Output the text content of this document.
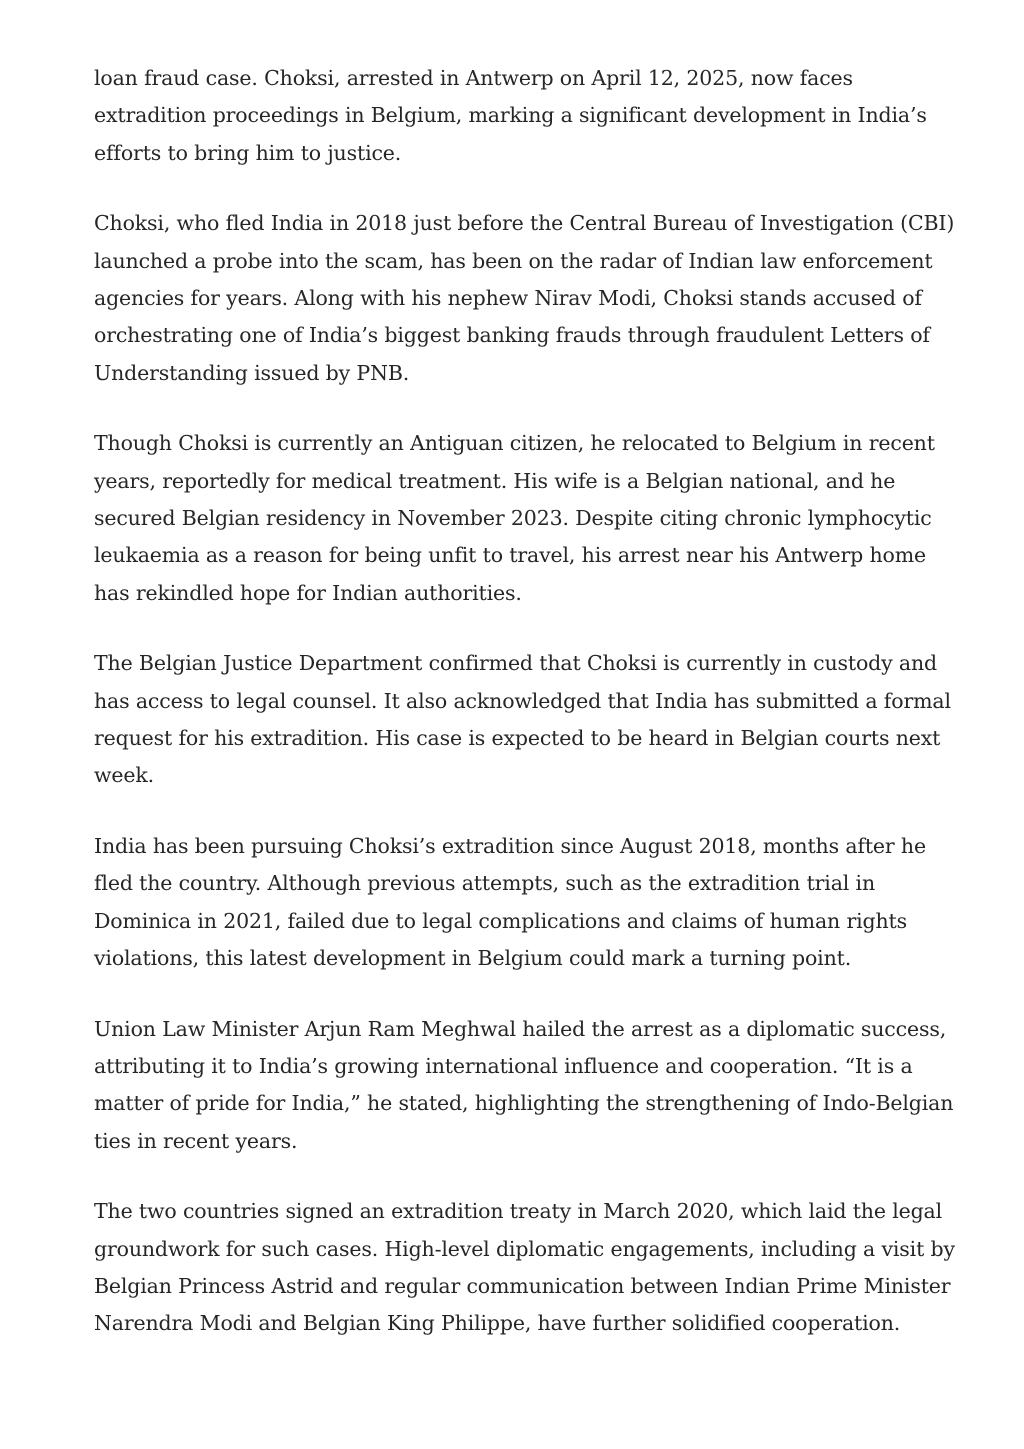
loan fraud case. Choksi, arrested in Antwerp on April 12, 2025, now faces extradition proceedings in Belgium, marking a significant development in India’s efforts to bring him to justice.

Choksi, who fled India in 2018 just before the Central Bureau of Investigation (CBI) launched a probe into the scam, has been on the radar of Indian law enforcement agencies for years. Along with his nephew Nirav Modi, Choksi stands accused of orchestrating one of India’s biggest banking frauds through fraudulent Letters of Understanding issued by PNB.

Though Choksi is currently an Antiguan citizen, he relocated to Belgium in recent years, reportedly for medical treatment. His wife is a Belgian national, and he secured Belgian residency in November 2023. Despite citing chronic lymphocytic leukaemia as a reason for being unfit to travel, his arrest near his Antwerp home has rekindled hope for Indian authorities.

The Belgian Justice Department confirmed that Choksi is currently in custody and has access to legal counsel. It also acknowledged that India has submitted a formal request for his extradition. His case is expected to be heard in Belgian courts next week.

India has been pursuing Choksi’s extradition since August 2018, months after he fled the country. Although previous attempts, such as the extradition trial in Dominica in 2021, failed due to legal complications and claims of human rights violations, this latest development in Belgium could mark a turning point.

Union Law Minister Arjun Ram Meghwal hailed the arrest as a diplomatic success, attributing it to India’s growing international influence and cooperation. “It is a matter of pride for India,” he stated, highlighting the strengthening of Indo-Belgian ties in recent years.

The two countries signed an extradition treaty in March 2020, which laid the legal groundwork for such cases. High-level diplomatic engagements, including a visit by Belgian Princess Astrid and regular communication between Indian Prime Minister Narendra Modi and Belgian King Philippe, have further solidified cooperation.
